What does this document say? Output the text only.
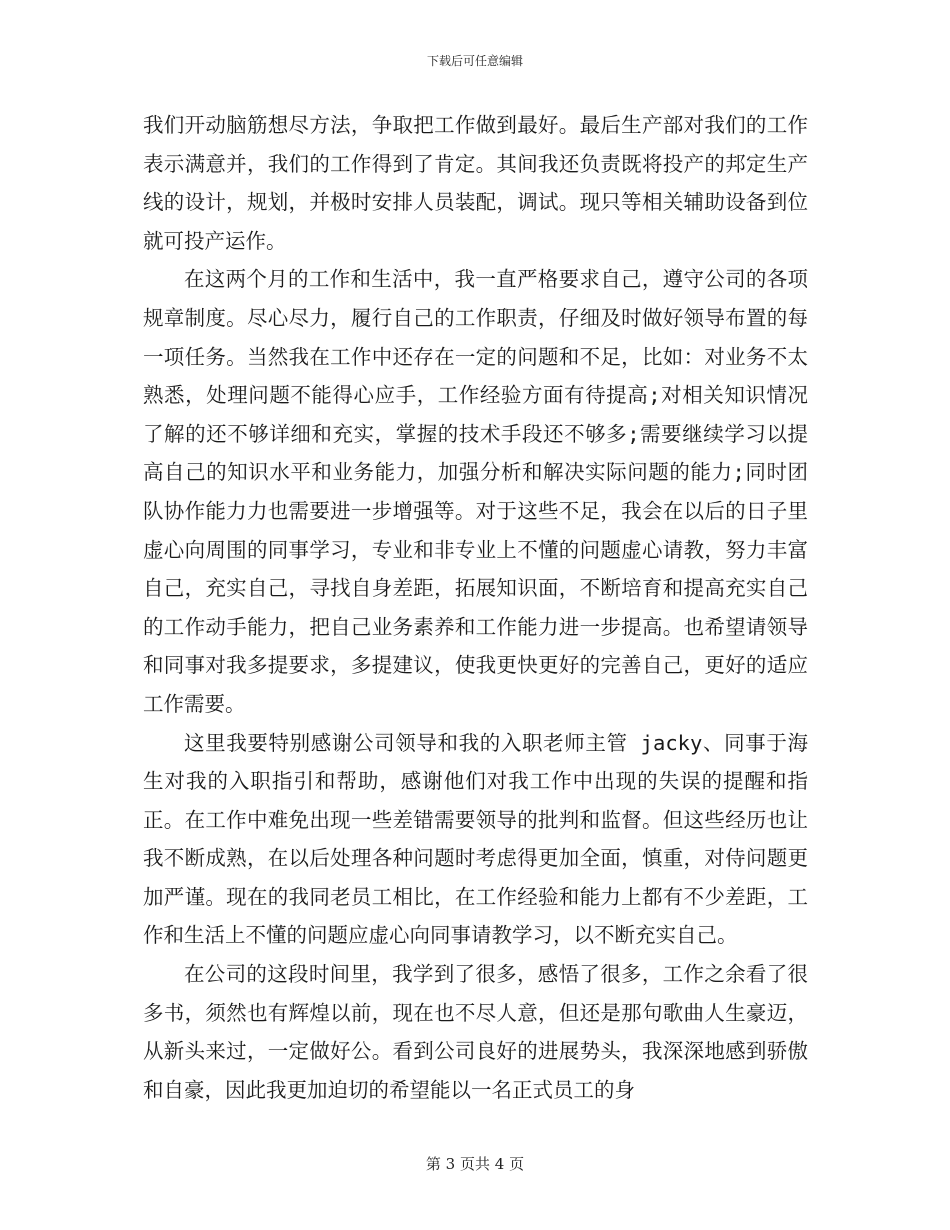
下载后可任意编辑

我们开动脑筋想尽方法，争取把工作做到最好。最后生产部对我们的工作表示满意并，我们的工作得到了肯定。其间我还负责既将投产的邦定生产线的设计，规划，并极时安排人员装配，调试。现只等相关辅助设备到位就可投产运作。

在这两个月的工作和生活中，我一直严格要求自己，遵守公司的各项规章制度。尽心尽力，履行自己的工作职责，仔细及时做好领导布置的每一项任务。当然我在工作中还存在一定的问题和不足，比如：对业务不太熟悉，处理问题不能得心应手，工作经验方面有待提高;对相关知识情况了解的还不够详细和充实，掌握的技术手段还不够多;需要继续学习以提高自己的知识水平和业务能力，加强分析和解决实际问题的能力;同时团队协作能力力也需要进一步增强等。对于这些不足，我会在以后的日子里虚心向周围的同事学习，专业和非专业上不懂的问题虚心请教，努力丰富自己，充实自己，寻找自身差距，拓展知识面，不断培育和提高充实自己的工作动手能力，把自己业务素养和工作能力进一步提高。也希望请领导和同事对我多提要求，多提建议，使我更快更好的完善自己，更好的适应工作需要。

这里我要特别感谢公司领导和我的入职老师主管 jacky、同事于海生对我的入职指引和帮助，感谢他们对我工作中出现的失误的提醒和指正。在工作中难免出现一些差错需要领导的批判和监督。但这些经历也让我不断成熟，在以后处理各种问题时考虑得更加全面，慎重，对侍问题更加严谨。现在的我同老员工相比，在工作经验和能力上都有不少差距，工作和生活上不懂的问题应虚心向同事请教学习，以不断充实自己。

在公司的这段时间里，我学到了很多，感悟了很多，工作之余看了很多书，须然也有辉煌以前，现在也不尽人意，但还是那句歌曲人生豪迈，从新头来过，一定做好公。看到公司良好的进展势头，我深深地感到骄傲和自豪，因此我更加迫切的希望能以一名正式员工的身

第 3 页共 4 页
